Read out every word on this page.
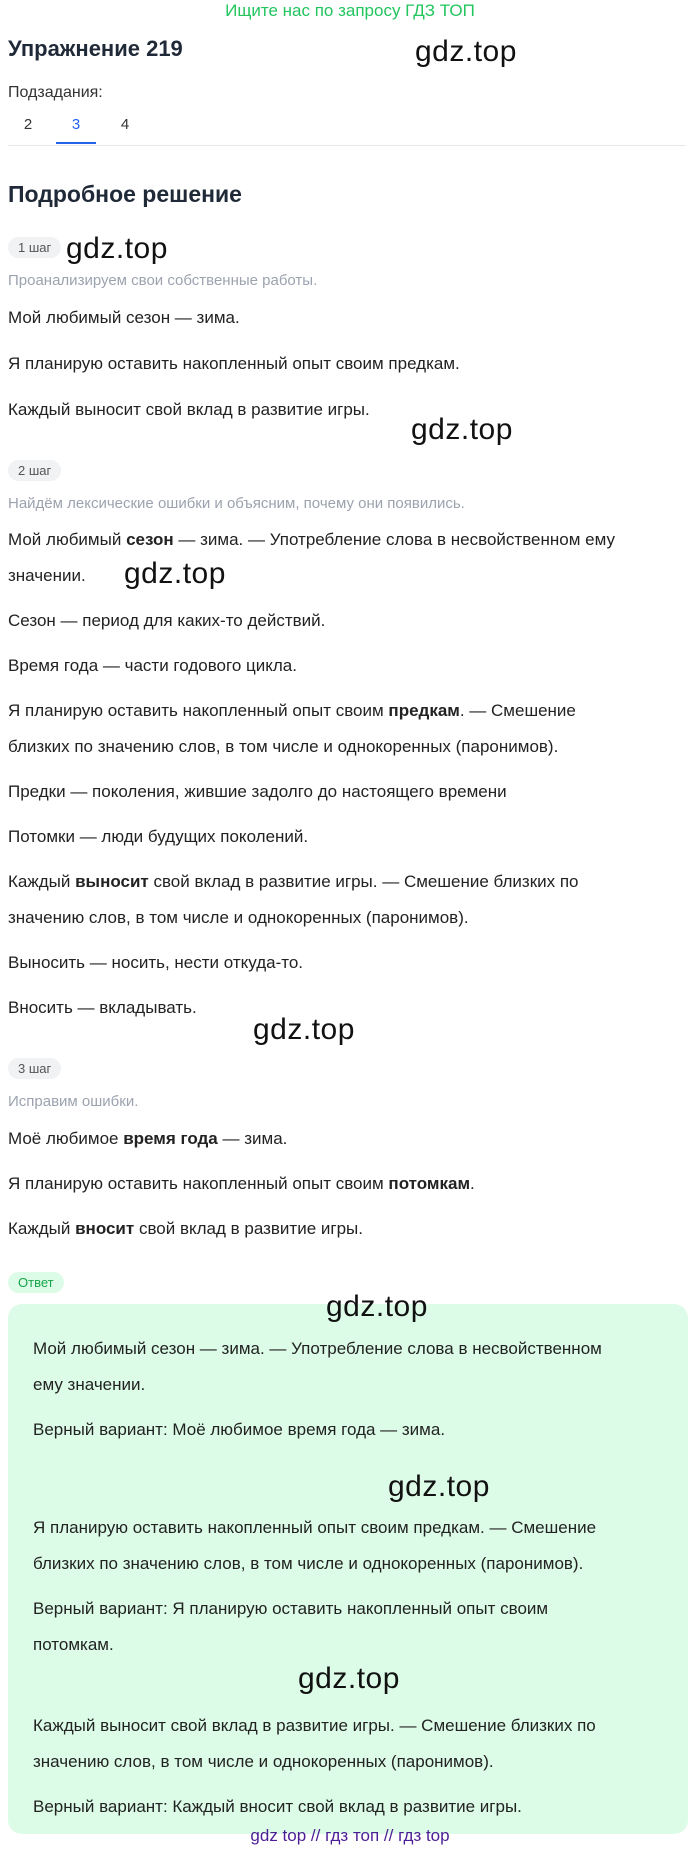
Ищите нас по запросу ГДЗ ТОП
Упражнение 219	gdz.top
Подзадания:
2	3	4
Подробное решение
1 шаг gdz.top
Проанализируем свои собственные работы.
Мой любимый сезон — зима.
Я планирую оставить накопленный опыт своим предкам.
Каждый выносит свой вклад в развитие игры.
gdz.top
2 шаг
Найдём лексические ошибки и объясним, почему они появились.
Мой любимый сезон — зима. — Употребление слова в несвойственном ему
значении.	gdz.top
Сезон — период для каких-то действий.
Время года — части годового цикла.
Я планирую оставить накопленный опыт своим предкам. — Смешение
близких по значению слов, в том числе и однокоренных (паронимов).
Предки — поколения, жившие задолго до настоящего времени
Потомки — люди будущих поколений.
Каждый выносит свой вклад в развитие игры. — Смешение близких по
значению слов, в том числе и однокоренных (паронимов).
Выносить — носить, нести откуда-то.
Вносить — вкладывать.
gdz.top
3 шаг
Исправим ошибки.
Моё любимое время года — зима.
Я планирую оставить накопленный опыт своим потомкам.
Каждый вносит свой вклад в развитие игры.
Ответ
gdz.top
Мой любимый сезон — зима. — Употребление слова в несвойственном
ему значении.
Верный вариант: Моё любимое время года — зима.
gdz.top
Я планирую оставить накопленный опыт своим предкам. — Смешение
близких по значению слов, в том числе и однокоренных (паронимов).
Верный вариант: Я планирую оставить накопленный опыт своим
потомкам.
gdz.top
Каждый выносит свой вклад в развитие игры. — Смешение близких по
значению слов, в том числе и однокоренных (паронимов).
Верный вариант: Каждый вносит свой вклад в развитие игры.
gdz top // гдз топ // гдз top
